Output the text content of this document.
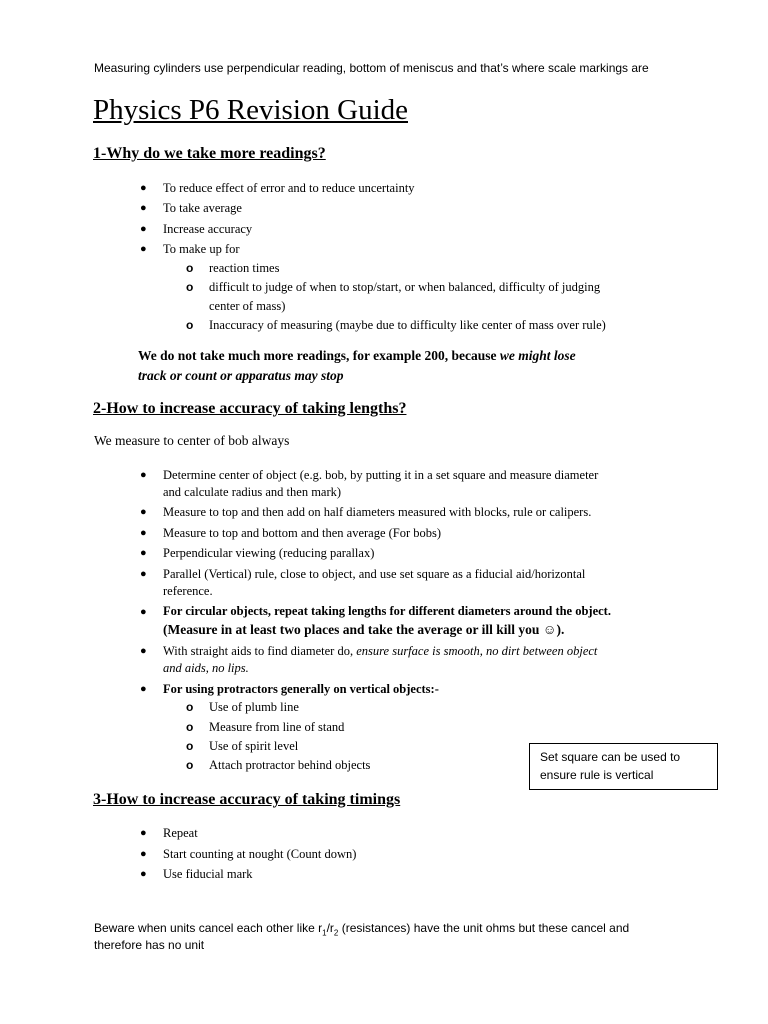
Measuring cylinders use perpendicular reading, bottom of meniscus and that’s where scale markings are
Physics P6 Revision Guide
1-Why do we take more readings?
● To reduce effect of error and to reduce uncertainty
● To take average
● Increase accuracy
● To make up for
o reaction times
o difficult to judge of when to stop/start, or when balanced, difficulty of judging
center of mass)
o Inaccuracy of measuring (maybe due to difficulty like center of mass over rule)
We do not take much more readings, for example 200, because we might lose
track or count or apparatus may stop
2-How to increase accuracy of taking lengths?
We measure to center of bob always
● Determine center of object (e.g. bob, by putting it in a set square and measure diameter
and calculate radius and then mark)
● Measure to top and then add on half diameters measured with blocks, rule or calipers.
● Measure to top and bottom and then average (For bobs)
● Perpendicular viewing (reducing parallax)
● Parallel (Vertical) rule, close to object, and use set square as a fiducial aid/horizontal
reference.
● For circular objects, repeat taking lengths for different diameters around the object.
(Measure in at least two places and take the average or ill kill you ☺).
● With straight aids to find diameter do, ensure surface is smooth, no dirt between object
and aids, no lips.
● For using protractors generally on vertical objects:-
o Use of plumb line
o Measure from line of stand
o Use of spirit level
o Attach protractor behind objects
Set square can be used to
ensure rule is vertical
3-How to increase accuracy of taking timings
● Repeat
● Start counting at nought (Count down)
● Use fiducial mark
Beware when units cancel each other like $r_1/r_2$ (resistances) have the unit ohms but these cancel and
therefore has no unit
